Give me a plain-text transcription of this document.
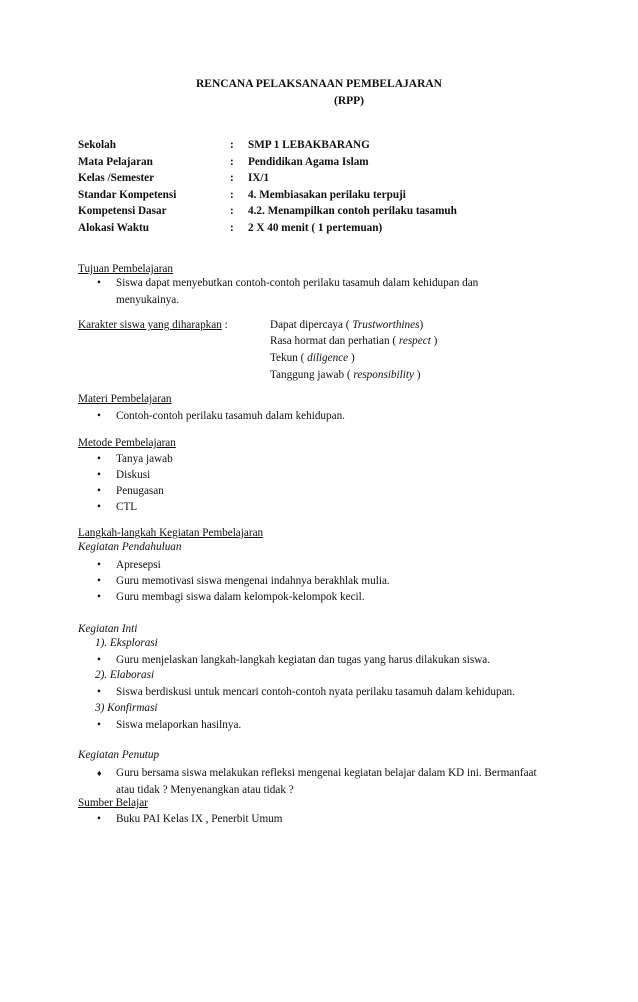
RENCANA PELAKSANAAN PEMBELAJARAN
(RPP)
Sekolah	:	SMP 1 LEBAKBARANG
Mata Pelajaran	:	Pendidikan Agama Islam
Kelas /Semester	:	IX/1
Standar Kompetensi	:	4. Membiasakan perilaku terpuji
Kompetensi Dasar	:	4.2. Menampilkan contoh perilaku tasamuh
Alokasi Waktu	:	2 X 40 menit ( 1 pertemuan)
Tujuan Pembelajaran
• Siswa dapat menyebutkan contoh-contoh perilaku tasamuh dalam kehidupan dan
menyukainya.
Karakter siswa yang diharapkan :	Dapat dipercaya ( Trustworthines)
Rasa hormat dan perhatian ( respect )
Tekun ( diligence )
Tanggung jawab ( responsibility )
Materi Pembelajaran
• Contoh-contoh perilaku tasamuh dalam kehidupan.
Metode Pembelajaran
• Tanya jawab
• Diskusi
• Penugasan
• CTL
Langkah-langkah Kegiatan Pembelajaran
Kegiatan Pendahuluan
• Apresepsi
• Guru memotivasi siswa mengenai indahnya berakhlak mulia.
• Guru membagi siswa dalam kelompok-kelompok kecil.
Kegiatan Inti
1). Eksplorasi
• Guru menjelaskan langkah-langkah kegiatan dan tugas yang harus dilakukan siswa.
2). Elaborasi
• Siswa berdiskusi untuk mencari contoh-contoh nyata perilaku tasamuh dalam kehidupan.
3) Konfirmasi
• Siswa melaporkan hasilnya.
Kegiatan Penutup
♦ Guru bersama siswa melakukan refleksi mengenai kegiatan belajar dalam KD ini. Bermanfaat
atau tidak ? Menyenangkan atau tidak ?
Sumber Belajar
• Buku PAI Kelas IX , Penerbit Umum
